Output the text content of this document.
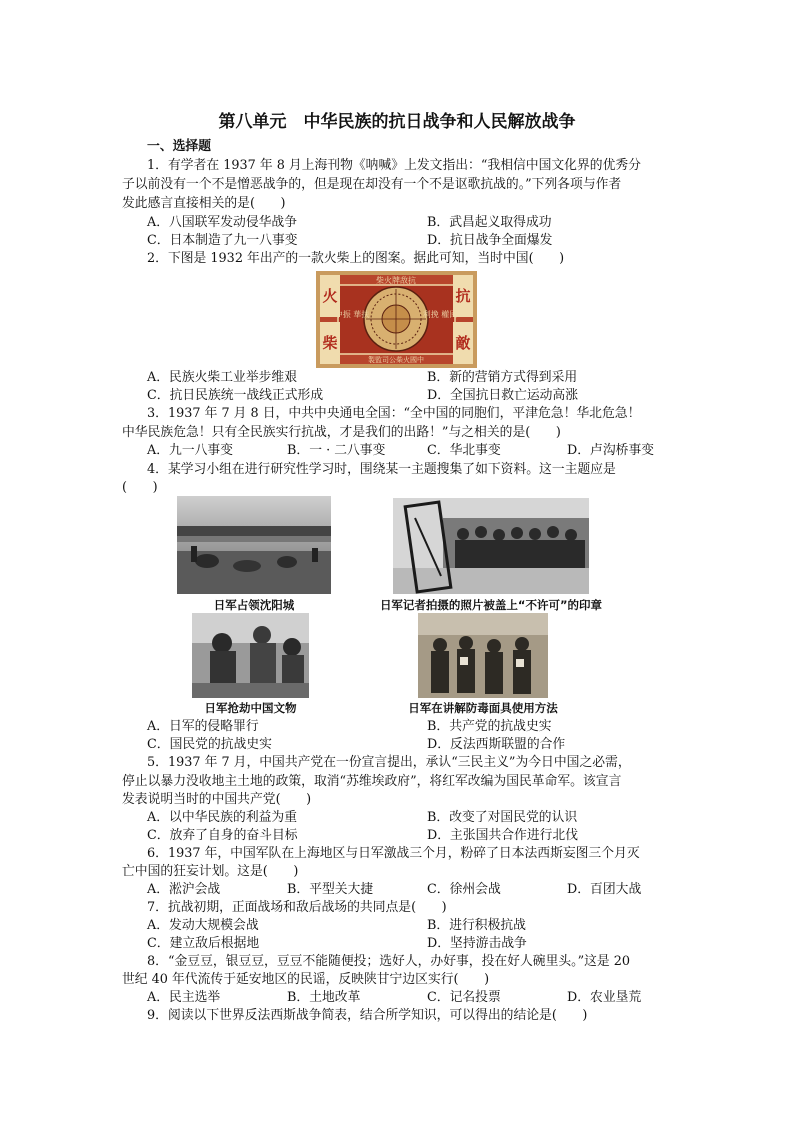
第八单元　中华民族的抗日战争和人民解放战争
一、选择题
1．有学者在 1937 年 8 月上海刊物《呐喊》上发文指出：“我相信中国文化界的优秀分
子以前没有一个不是憎恶战争的，但是现在却没有一个不是讴歌抗战的。”下列各项与作者
发此感言直接相关的是(　　)
A．八国联军发动侵华战争	B．武昌起义取得成功
C．日本制造了九一八事变	D．抗日战争全面爆发
2．下图是 1932 年出产的一款火柴上的图案。据此可知，当时中国(　　)
火
柴
抗
敵
柴火牌敌抗
製監司公柴火國中
中振 華扶	利挽 權回
A．民族火柴工业举步维艰	B．新的营销方式得到采用
C．抗日民族统一战线正式形成	D．全国抗日救亡运动高涨
3．1937 年 7 月 8 日，中共中央通电全国：“全中国的同胞们，平津危急！华北危急！
中华民族危急！只有全民族实行抗战，才是我们的出路！”与之相关的是(　　)
A．九一八事变	B．一 · 二八事变	C．华北事变	D．卢沟桥事变
4．某学习小组在进行研究性学习时，围绕某一主题搜集了如下资料。这一主题应是
(　　)
日军占领沈阳城	日军记者拍摄的照片被盖上“不许可”的印章
日军抢劫中国文物	日军在讲解防毒面具使用方法
A．日军的侵略罪行	B．共产党的抗战史实
C．国民党的抗战史实	D．反法西斯联盟的合作
5．1937 年 7 月，中国共产党在一份宣言提出，承认“三民主义”为今日中国之必需，
停止以暴力没收地主土地的政策，取消“苏维埃政府”，将红军改编为国民革命军。该宣言
发表说明当时的中国共产党(　　)
A．以中华民族的利益为重	B．改变了对国民党的认识
C．放弃了自身的奋斗目标	D．主张国共合作进行北伐
6．1937 年，中国军队在上海地区与日军激战三个月，粉碎了日本法西斯妄图三个月灭
亡中国的狂妄计划。这是(　　)
A．淞沪会战	B．平型关大捷	C．徐州会战	D．百团大战
7．抗战初期，正面战场和敌后战场的共同点是(　　)
A．发动大规模会战	B．进行积极抗战
C．建立敌后根据地	D．坚持游击战争
8．“金豆豆，银豆豆，豆豆不能随便投；选好人，办好事，投在好人碗里头。”这是 20
世纪 40 年代流传于延安地区的民谣，反映陕甘宁边区实行(　　)
A．民主选举	B．土地改革	C．记名投票	D．农业垦荒
9．阅读以下世界反法西斯战争简表，结合所学知识，可以得出的结论是(　　)
